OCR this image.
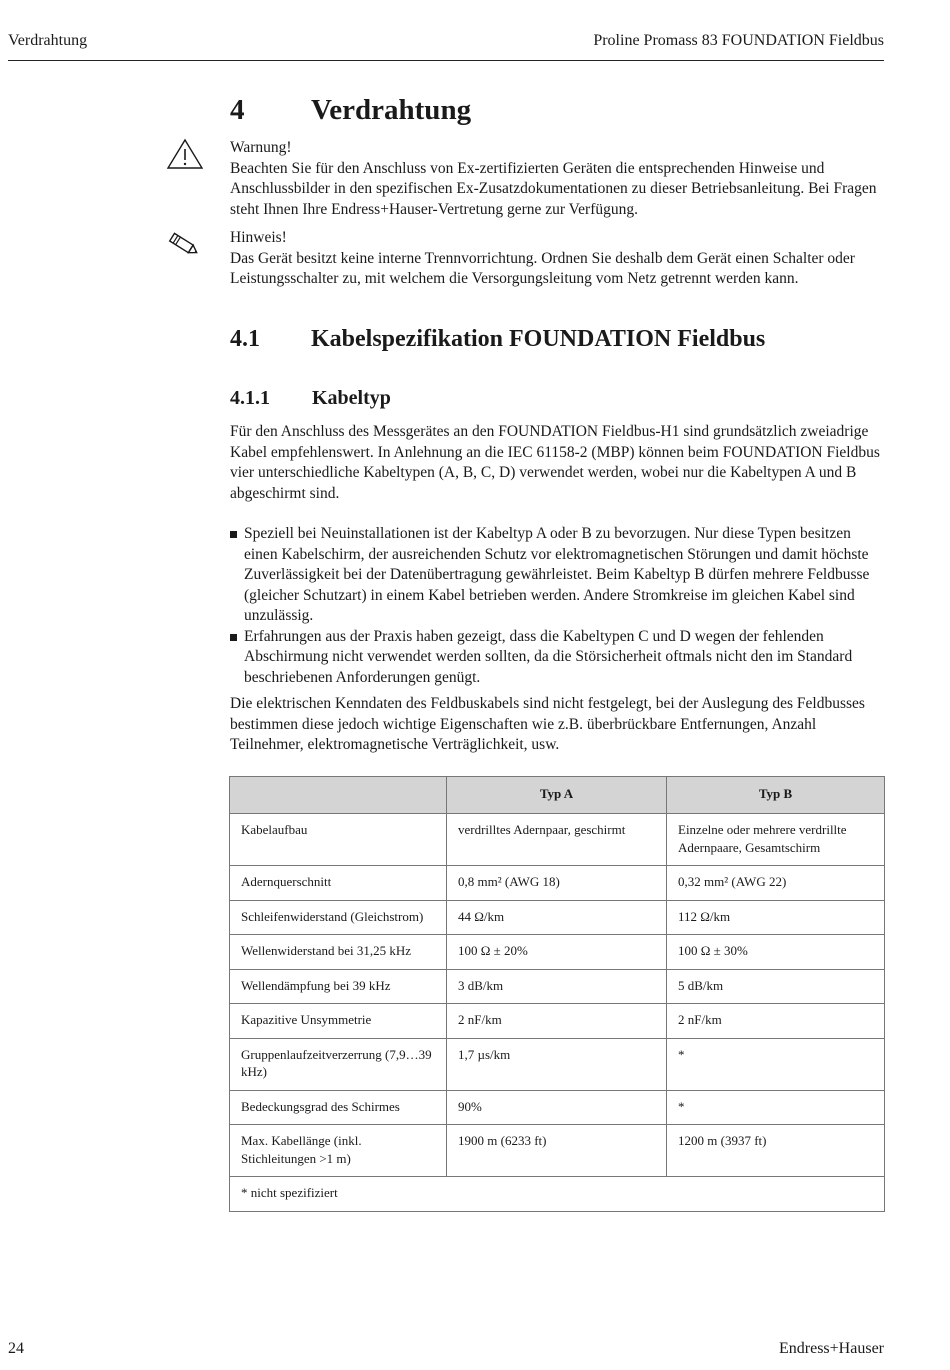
Verdrahtung	Proline Promass 83 FOUNDATION Fieldbus
4 Verdrahtung
Warnung!
Beachten Sie für den Anschluss von Ex-zertifizierten Geräten die entsprechenden Hinweise und Anschlussbilder in den spezifischen Ex-Zusatzdokumentationen zu dieser Betriebsanleitung. Bei Fragen steht Ihnen Ihre Endress+Hauser-Vertretung gerne zur Verfügung.
Hinweis!
Das Gerät besitzt keine interne Trennvorrichtung. Ordnen Sie deshalb dem Gerät einen Schalter oder Leistungsschalter zu, mit welchem die Versorgungsleitung vom Netz getrennt werden kann.
4.1 Kabelspezifikation FOUNDATION Fieldbus
4.1.1 Kabeltyp
Für den Anschluss des Messgerätes an den FOUNDATION Fieldbus-H1 sind grundsätzlich zweiadrige Kabel empfehlenswert. In Anlehnung an die IEC 61158-2 (MBP) können beim FOUNDATION Fieldbus vier unterschiedliche Kabeltypen (A, B, C, D) verwendet werden, wobei nur die Kabeltypen A und B abgeschirmt sind.
Speziell bei Neuinstallationen ist der Kabeltyp A oder B zu bevorzugen. Nur diese Typen besitzen einen Kabelschirm, der ausreichenden Schutz vor elektromagnetischen Störungen und damit höchste Zuverlässigkeit bei der Datenübertragung gewährleistet. Beim Kabeltyp B dürfen mehrere Feldbusse (gleicher Schutzart) in einem Kabel betrieben werden. Andere Stromkreise im gleichen Kabel sind unzulässig.
Erfahrungen aus der Praxis haben gezeigt, dass die Kabeltypen C und D wegen der fehlenden Abschirmung nicht verwendet werden sollten, da die Störsicherheit oftmals nicht den im Standard beschriebenen Anforderungen genügt.
Die elektrischen Kenndaten des Feldbuskabels sind nicht festgelegt, bei der Auslegung des Feldbusses bestimmen diese jedoch wichtige Eigenschaften wie z.B. überbrückbare Entfernungen, Anzahl Teilnehmer, elektromagnetische Verträglichkeit, usw.
	Typ A	Typ B
Kabelaufbau	verdrilltes Adernpaar, geschirmt	Einzelne oder mehrere verdrillte Adernpaare, Gesamtschirm
Adernquerschnitt	0,8 mm² (AWG 18)	0,32 mm² (AWG 22)
Schleifenwiderstand (Gleichstrom)	44 Ω/km	112 Ω/km
Wellenwiderstand bei 31,25 kHz	100 Ω ± 20%	100 Ω ± 30%
Wellendämpfung bei 39 kHz	3 dB/km	5 dB/km
Kapazitive Unsymmetrie	2 nF/km	2 nF/km
Gruppenlaufzeitverzerrung (7,9…39 kHz)	1,7 µs/km	*
Bedeckungsgrad des Schirmes	90%	*
Max. Kabellänge (inkl. Stichleitungen >1 m)	1900 m (6233 ft)	1200 m (3937 ft)
* nicht spezifiziert		
24	Endress+Hauser
